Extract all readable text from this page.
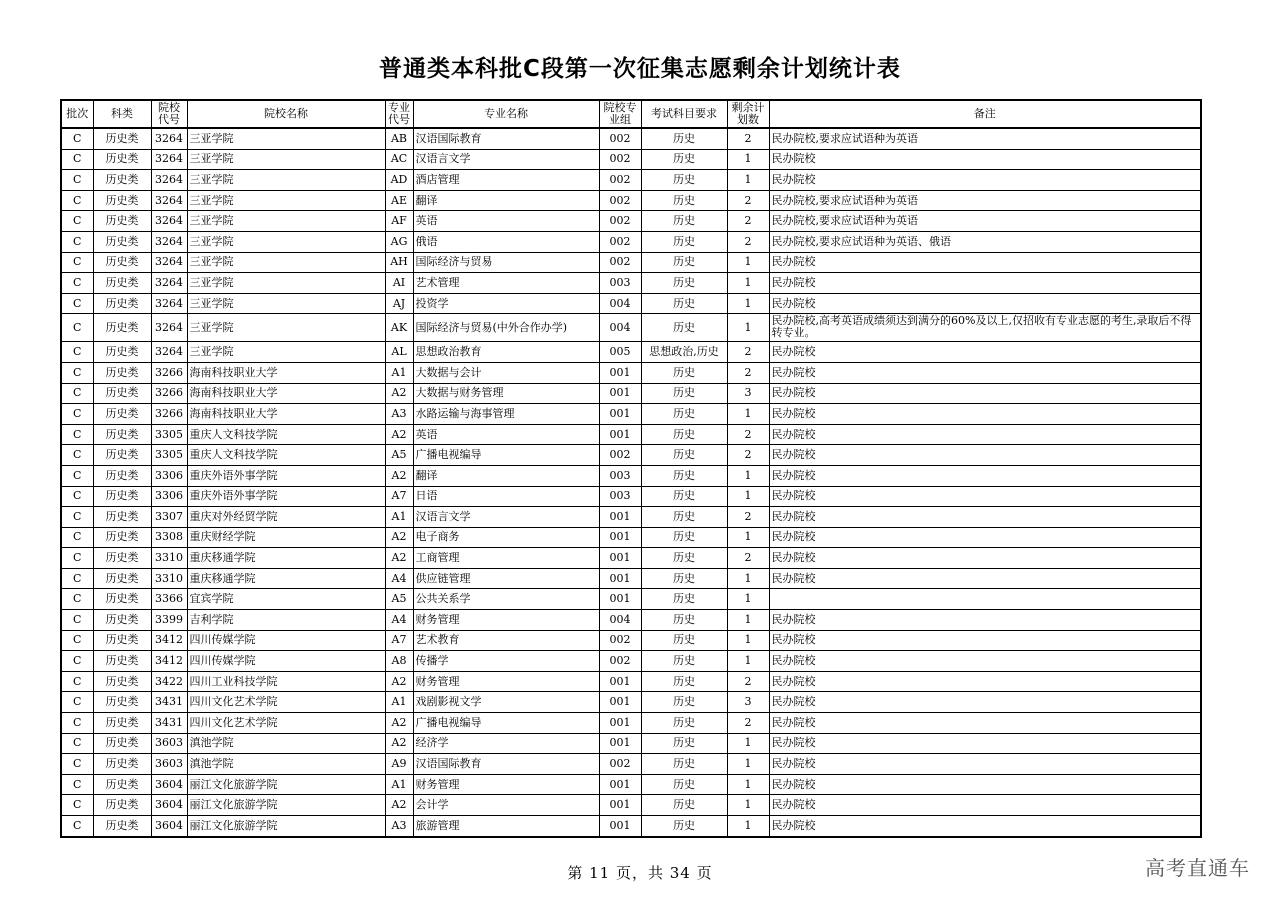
普通类本科批C段第一次征集志愿剩余计划统计表
批次	科类	院校代号	院校名称	专业代号	专业名称	院校专业组	考试科目要求	剩余计划数	备注
C	历史类	3264	三亚学院	AB	汉语国际教育	002	历史	2	民办院校,要求应试语种为英语
C	历史类	3264	三亚学院	AC	汉语言文学	002	历史	1	民办院校
C	历史类	3264	三亚学院	AD	酒店管理	002	历史	1	民办院校
C	历史类	3264	三亚学院	AE	翻译	002	历史	2	民办院校,要求应试语种为英语
C	历史类	3264	三亚学院	AF	英语	002	历史	2	民办院校,要求应试语种为英语
C	历史类	3264	三亚学院	AG	俄语	002	历史	2	民办院校,要求应试语种为英语、俄语
C	历史类	3264	三亚学院	AH	国际经济与贸易	002	历史	1	民办院校
C	历史类	3264	三亚学院	AI	艺术管理	003	历史	1	民办院校
C	历史类	3264	三亚学院	AJ	投资学	004	历史	1	民办院校
C	历史类	3264	三亚学院	AK	国际经济与贸易(中外合作办学)	004	历史	1	民办院校,高考英语成绩须达到满分的60%及以上,仅招收有专业志愿的考生,录取后不得转专业。
C	历史类	3264	三亚学院	AL	思想政治教育	005	思想政治,历史	2	民办院校
C	历史类	3266	海南科技职业大学	A1	大数据与会计	001	历史	2	民办院校
C	历史类	3266	海南科技职业大学	A2	大数据与财务管理	001	历史	3	民办院校
C	历史类	3266	海南科技职业大学	A3	水路运输与海事管理	001	历史	1	民办院校
C	历史类	3305	重庆人文科技学院	A2	英语	001	历史	2	民办院校
C	历史类	3305	重庆人文科技学院	A5	广播电视编导	002	历史	2	民办院校
C	历史类	3306	重庆外语外事学院	A2	翻译	003	历史	1	民办院校
C	历史类	3306	重庆外语外事学院	A7	日语	003	历史	1	民办院校
C	历史类	3307	重庆对外经贸学院	A1	汉语言文学	001	历史	2	民办院校
C	历史类	3308	重庆财经学院	A2	电子商务	001	历史	1	民办院校
C	历史类	3310	重庆移通学院	A2	工商管理	001	历史	2	民办院校
C	历史类	3310	重庆移通学院	A4	供应链管理	001	历史	1	民办院校
C	历史类	3366	宜宾学院	A5	公共关系学	001	历史	1	
C	历史类	3399	吉利学院	A4	财务管理	004	历史	1	民办院校
C	历史类	3412	四川传媒学院	A7	艺术教育	002	历史	1	民办院校
C	历史类	3412	四川传媒学院	A8	传播学	002	历史	1	民办院校
C	历史类	3422	四川工业科技学院	A2	财务管理	001	历史	2	民办院校
C	历史类	3431	四川文化艺术学院	A1	戏剧影视文学	001	历史	3	民办院校
C	历史类	3431	四川文化艺术学院	A2	广播电视编导	001	历史	2	民办院校
C	历史类	3603	滇池学院	A2	经济学	001	历史	1	民办院校
C	历史类	3603	滇池学院	A9	汉语国际教育	002	历史	1	民办院校
C	历史类	3604	丽江文化旅游学院	A1	财务管理	001	历史	1	民办院校
C	历史类	3604	丽江文化旅游学院	A2	会计学	001	历史	1	民办院校
C	历史类	3604	丽江文化旅游学院	A3	旅游管理	001	历史	1	民办院校
第 11 页，共 34 页	高考直通车
